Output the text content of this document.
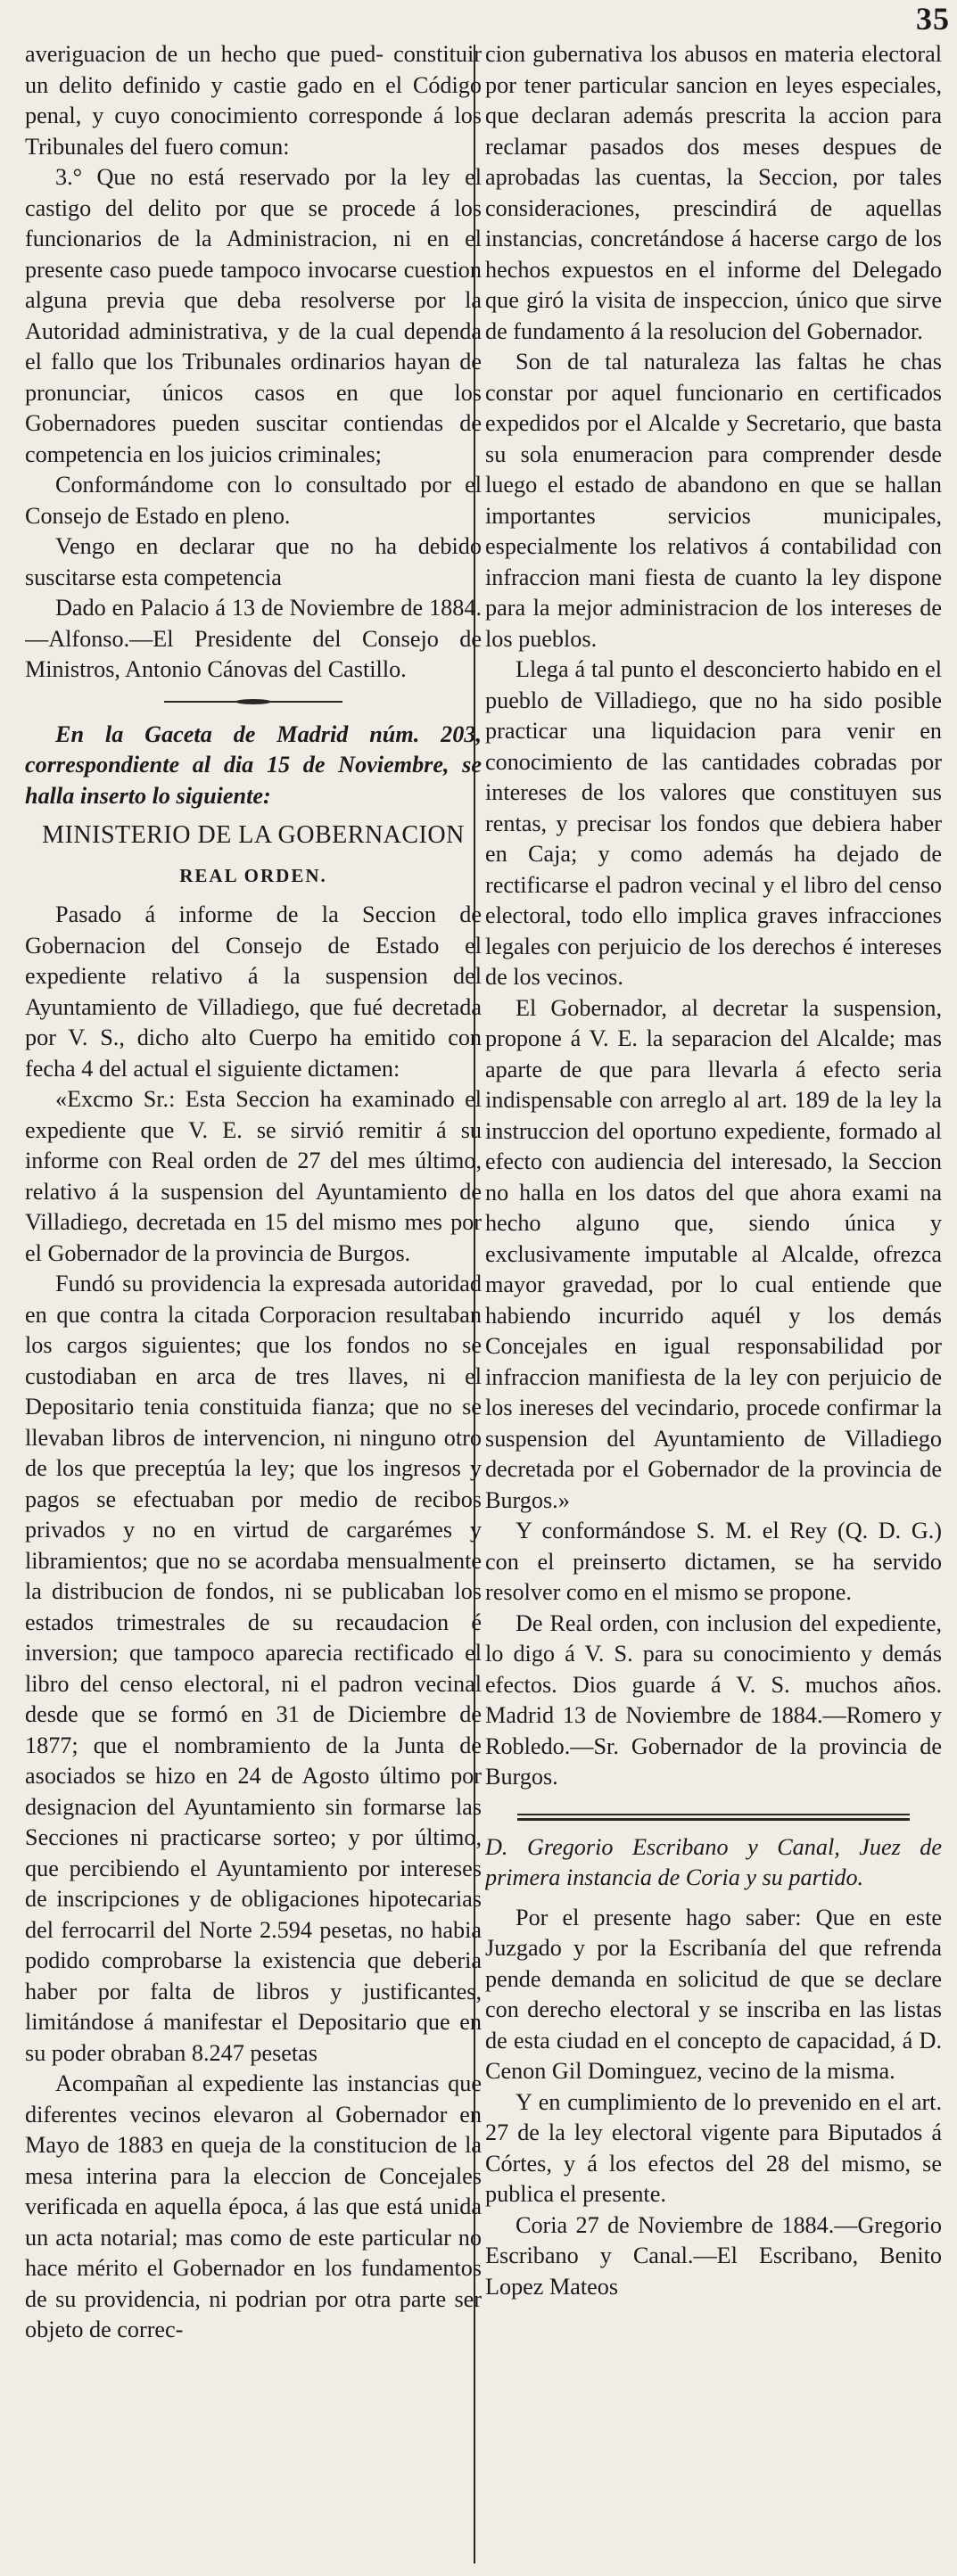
35

averiguacion de un hecho que pued- constituir un delito definido y castie gado en el Código penal, y cuyo conocimiento corresponde á los Tribunales del fuero comun:

3.° Que no está reservado por la ley el castigo del delito por que se procede á los funcionarios de la Administracion, ni en el presente caso puede tampoco invocarse cuestion alguna previa que deba resolverse por la Autoridad administrativa, y de la cual dependa el fallo que los Tribunales ordinarios hayan de pronunciar, únicos casos en que los Gobernadores pueden suscitar contiendas de competencia en los juicios criminales;

Conformándome con lo consultado por el Consejo de Estado en pleno.

Vengo en declarar que no ha debido suscitarse esta competencia

Dado en Palacio á 13 de Noviembre de 1884.—Alfonso.—El Presidente del Consejo de Ministros, Antonio Cánovas del Castillo.

En la Gaceta de Madrid núm. 203, correspondiente al dia 15 de Noviembre, se halla inserto lo siguiente:

MINISTERIO DE LA GOBERNACION

REAL ORDEN.

Pasado á informe de la Seccion de Gobernacion del Consejo de Estado el expediente relativo á la suspension del Ayuntamiento de Villadiego, que fué decretada por V. S., dicho alto Cuerpo ha emitido con fecha 4 del actual el siguiente dictamen:

«Excmo Sr.: Esta Seccion ha examinado el expediente que V. E. se sirvió remitir á su informe con Real orden de 27 del mes último, relativo á la suspension del Ayuntamiento de Villadiego, decretada en 15 del mismo mes por el Gobernador de la provincia de Burgos.

Fundó su providencia la expresada autoridad en que contra la citada Corporacion resultaban los cargos siguientes; que los fondos no se custodiaban en arca de tres llaves, ni el Depositario tenia constituida fianza; que no se llevaban libros de intervencion, ni ninguno otro de los que preceptúa la ley; que los ingresos y pagos se efectuaban por medio de recibos privados y no en virtud de cargarémes y libramientos; que no se acordaba mensualmente la distribucion de fondos, ni se publicaban los estados trimestrales de su recaudacion é inversion; que tampoco aparecia rectificado el libro del censo electoral, ni el padron vecinal desde que se formó en 31 de Diciembre de 1877; que el nombramiento de la Junta de asociados se hizo en 24 de Agosto último por designacion del Ayuntamiento sin formarse las Secciones ni practicarse sorteo; y por último, que percibiendo el Ayuntamiento por intereses de inscripciones y de obligaciones hipotecarias del ferrocarril del Norte 2.594 pesetas, no habia podido comprobarse la existencia que deberia haber por falta de libros y justificantes, limitándose á manifestar el Depositario que en su poder obraban 8.247 pesetas

Acompañan al expediente las instancias que diferentes vecinos elevaron al Gobernador en Mayo de 1883 en queja de la constitucion de la mesa interina para la eleccion de Concejales verificada en aquella época, á las que está unida un acta notarial; mas como de este particular no hace mérito el Gobernador en los fundamentos de su providencia, ni podrian por otra parte ser objeto de correc-

cion gubernativa los abusos en materia electoral por tener particular sancion en leyes especiales, que declaran además prescrita la accion para reclamar pasados dos meses despues de aprobadas las cuentas, la Seccion, por tales consideraciones, prescindirá de aquellas instancias, concretándose á hacerse cargo de los hechos expuestos en el informe del Delegado que giró la visita de inspeccion, único que sirve de fundamento á la resolucion del Gobernador.

Son de tal naturaleza las faltas he chas constar por aquel funcionario en certificados expedidos por el Alcalde y Secretario, que basta su sola enumeracion para comprender desde luego el estado de abandono en que se hallan importantes servicios municipales, especialmente los relativos á contabilidad con infraccion mani fiesta de cuanto la ley dispone para la mejor administracion de los intereses de los pueblos.

Llega á tal punto el desconcierto habido en el pueblo de Villadiego, que no ha sido posible practicar una liquidacion para venir en conocimiento de las cantidades cobradas por intereses de los valores que constituyen sus rentas, y precisar los fondos que debiera haber en Caja; y como además ha dejado de rectificarse el padron vecinal y el libro del censo electoral, todo ello implica graves infracciones legales con perjuicio de los derechos é intereses de los vecinos.

El Gobernador, al decretar la suspension, propone á V. E. la separacion del Alcalde; mas aparte de que para llevarla á efecto seria indispensable con arreglo al art. 189 de la ley la instruccion del oportuno expediente, formado al efecto con audiencia del interesado, la Seccion no halla en los datos del que ahora exami na hecho alguno que, siendo única y exclusivamente imputable al Alcalde, ofrezca mayor gravedad, por lo cual entiende que habiendo incurrido aquél y los demás Concejales en igual responsabilidad por infraccion manifiesta de la ley con perjuicio de los inereses del vecindario, procede confirmar la suspension del Ayuntamiento de Villadiego decretada por el Gobernador de la provincia de Burgos.»

Y conformándose S. M. el Rey (Q. D. G.) con el preinserto dictamen, se ha servido resolver como en el mismo se propone.

De Real orden, con inclusion del expediente, lo digo á V. S. para su conocimiento y demás efectos. Dios guarde á V. S. muchos años. Madrid 13 de Noviembre de 1884.—Romero y Robledo.—Sr. Gobernador de la provincia de Burgos.

D. Gregorio Escribano y Canal, Juez de primera instancia de Coria y su partido.

Por el presente hago saber: Que en este Juzgado y por la Escribanía del que refrenda pende demanda en solicitud de que se declare con derecho electoral y se inscriba en las listas de esta ciudad en el concepto de capacidad, á D. Cenon Gil Dominguez, vecino de la misma.

Y en cumplimiento de lo prevenido en el art. 27 de la ley electoral vigente para Biputados á Córtes, y á los efectos del 28 del mismo, se publica el presente.

Coria 27 de Noviembre de 1884.—Gregorio Escribano y Canal.—El Escribano, Benito Lopez Mateos
